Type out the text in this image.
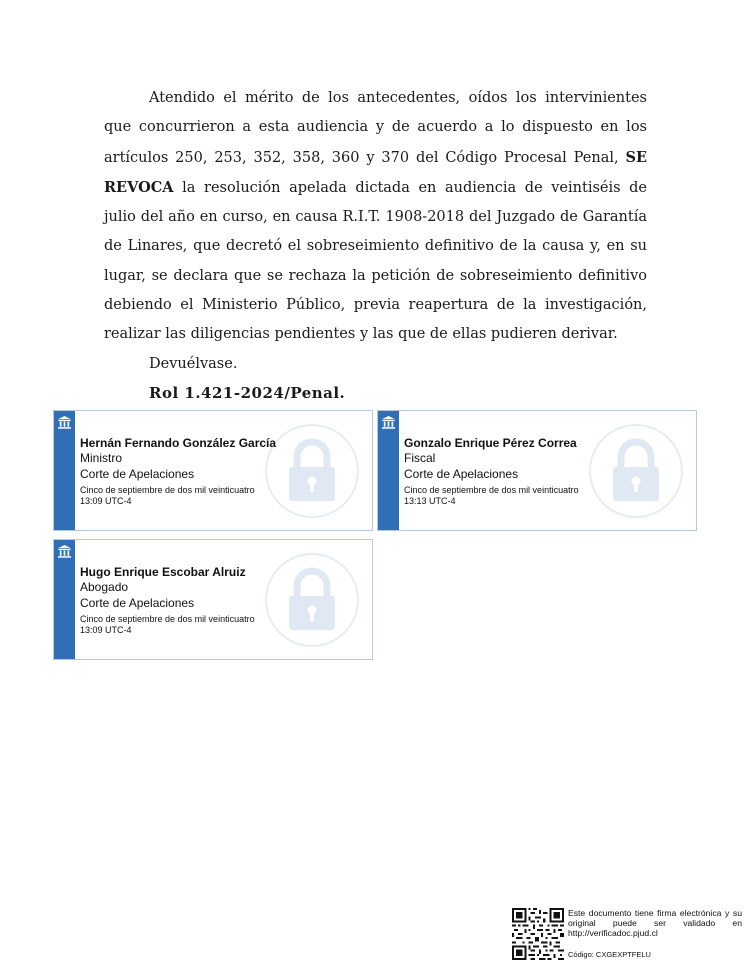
Atendido el mérito de los antecedentes, oídos los intervinientes que concurrieron a esta audiencia y de acuerdo a lo dispuesto en los artículos 250, 253, 352, 358, 360 y 370 del Código Procesal Penal, SE REVOCA la resolución apelada dictada en audiencia de veintiséis de julio del año en curso, en causa R.I.T. 1908-2018 del Juzgado de Garantía de Linares, que decretó el sobreseimiento definitivo de la causa y, en su lugar, se declara que se rechaza la petición de sobreseimiento definitivo debiendo el Ministerio Público, previa reapertura de la investigación, realizar las diligencias pendientes y las que de ellas pudieren derivar.

Devuélvase.

Rol 1.421-2024/Penal.

Hernán Fernando González García
Ministro
Corte de Apelaciones
Cinco de septiembre de dos mil veinticuatro
13:09 UTC-4
Gonzalo Enrique Pérez Correa
Fiscal
Corte de Apelaciones
Cinco de septiembre de dos mil veinticuatro
13:13 UTC-4
Hugo Enrique Escobar Alruiz
Abogado
Corte de Apelaciones
Cinco de septiembre de dos mil veinticuatro
13:09 UTC-4
Este documento tiene firma electrónica y su original puede ser validado en http://verificadoc.pjud.cl
Código: CXGEXPTFELU
